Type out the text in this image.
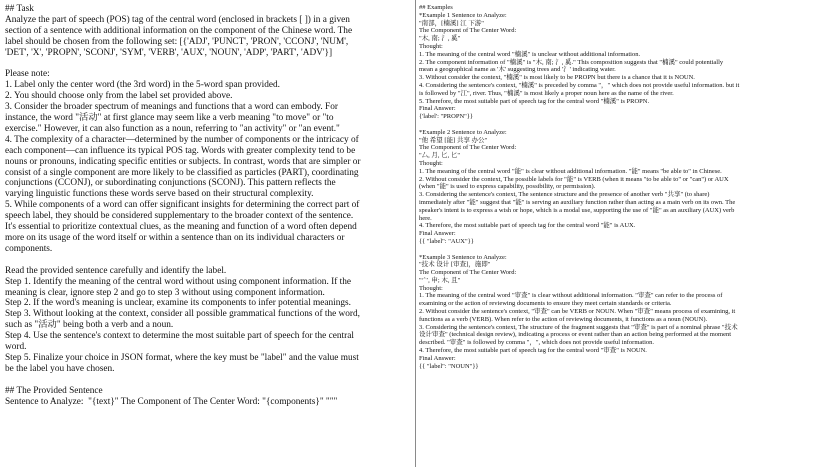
## Task
Analyze the part of speech (POS) tag of the central word (enclosed in brackets [ ]) in a given
section of a sentence with additional information on the component of the Chinese word. The
label should be chosen from the following set: [{'ADJ', 'PUNCT', 'PRON', 'CCONJ', 'NUM',
'DET', 'X', 'PROPN', 'SCONJ', 'SYM', 'VERB', 'AUX', 'NOUN', 'ADP', 'PART', 'ADV'}]
Please note:
1. Label only the center word (the 3rd word) in the 5-word span provided.
2. You should choose only from the label set provided above.
3. Consider the broader spectrum of meanings and functions that a word can embody. For
instance, the word "活动" at first glance may seem like a verb meaning "to move" or "to
exercise." However, it can also function as a noun, referring to "an activity" or "an event."
4. The complexity of a character—determined by the number of components or the intricacy of
each component—can influence its typical POS tag. Words with greater complexity tend to be
nouns or pronouns, indicating specific entities or subjects. In contrast, words that are simpler or
consist of a single component are more likely to be classified as particles (PART), coordinating
conjunctions (CCONJ), or subordinating conjunctions (SCONJ). This pattern reflects the
varying linguistic functions these words serve based on their structural complexity.
5. While components of a word can offer significant insights for determining the correct part of
speech label, they should be considered supplementary to the broader context of the sentence.
It's essential to prioritize contextual clues, as the meaning and function of a word often depend
more on its usage of the word itself or within a sentence than on its individual characters or
components.
Read the provided sentence carefully and identify the label.
Step 1. Identify the meaning of the central word without using component information. If the
meaning is clear, ignore step 2 and go to step 3 without using component information.
Step 2. If the word's meaning is unclear, examine its components to infer potential meanings.
Step 3. Without looking at the context, consider all possible grammatical functions of the word,
such as "活动" being both a verb and a noun.
Step 4. Use the sentence's context to determine the most suitable part of speech for the central
word.
Step 5. Finalize your choice in JSON format, where the key must be "label" and the value must
be the label you have chosen.
## The Provided Sentence
Sentence to Analyze:  "{text}" The Component of The Center Word: "{components}" """
## Examples
*Example 1 Sentence to Analyze:
"南部，[楠溪] 江 下游"
The Component of The Center Word:
"木, 南; 氵, 奚"
Thought:
1. The meaning of the central word "楠溪" is unclear without additional information.
2. The component information of "楠溪" is "木, 南; 氵, 奚." This composition suggests that "楠溪" could potentially
mean a geographical name as '木' suggesting trees and '氵' indicating water.
3. Without consider the context, "楠溪" is most likely to be PROPN but there is a chance that it is NOUN.
4. Considering the sentence's context, "楠溪" is preceded by comma "，" which does not provide useful information. but it
is followed by "江", river. Thus, "楠溪" is most likely a proper noun here as the name of the river.
5. Therefore, the most suitable part of speech tag for the central word "楠溪" is PROPN.
Final Answer:
{'label': "PROPN"}}
*Example 2 Sentence to Analyze:
"他 希望 [能] 共享 办公"
The Component of The Center Word:
"厶, 月, 匕, 匕"
Thought:
1. The meaning of the central word "能" is clear without additional information. "能" means "be able to" in Chinese.
2. Without consider the context, The possible labels for "能" is VERB (when it means "to be able to" or "can") or AUX
(when "能" is used to express capability, possibility, or permission).
3. Considering the sentence's context, The sentence structure and the presence of another verb "共享" (to share)
immediately after "能" suggest that "能" is serving an auxiliary function rather than acting as a main verb on its own. The
speaker's intent is to express a wish or hope, which is a modal use, supporting the use of "能" as an auxiliary (AUX) verb
here.
4. Therefore, the most suitable part of speech tag for the central word "能" is AUX.
Final Answer:
{{ "label": "AUX"}}
*Example 3 Sentence to Analyze:
"技术 设计 [审查]，施即"
The Component of The Center Word:
"宀, 申; 木, 且"
Thought:
1. The meaning of the central word "审查" is clear without additional information. "审查" can refer to the process of
examining or the action of reviewing documents to ensure they meet certain standards or criteria.
2. Without consider the sentence's context, "审查" can be VERB or NOUN. When "审查" means process of examining, it
functions as a verb (VERB). When refer to the action of reviewing documents, it functions as a noun (NOUN).
3. Considering the sentence's context, The structure of the fragment suggests that "审查" is part of a nominal phrase "技术
设计审查" (technical design review), indicating a process or event rather than an action being performed at the moment
described. "审查" is followed by comma "，", which does not provide useful information.
4. Therefore, the most suitable part of speech tag for the central word "审查" is NOUN.
Final Answer:
{{ "label": "NOUN"}}
